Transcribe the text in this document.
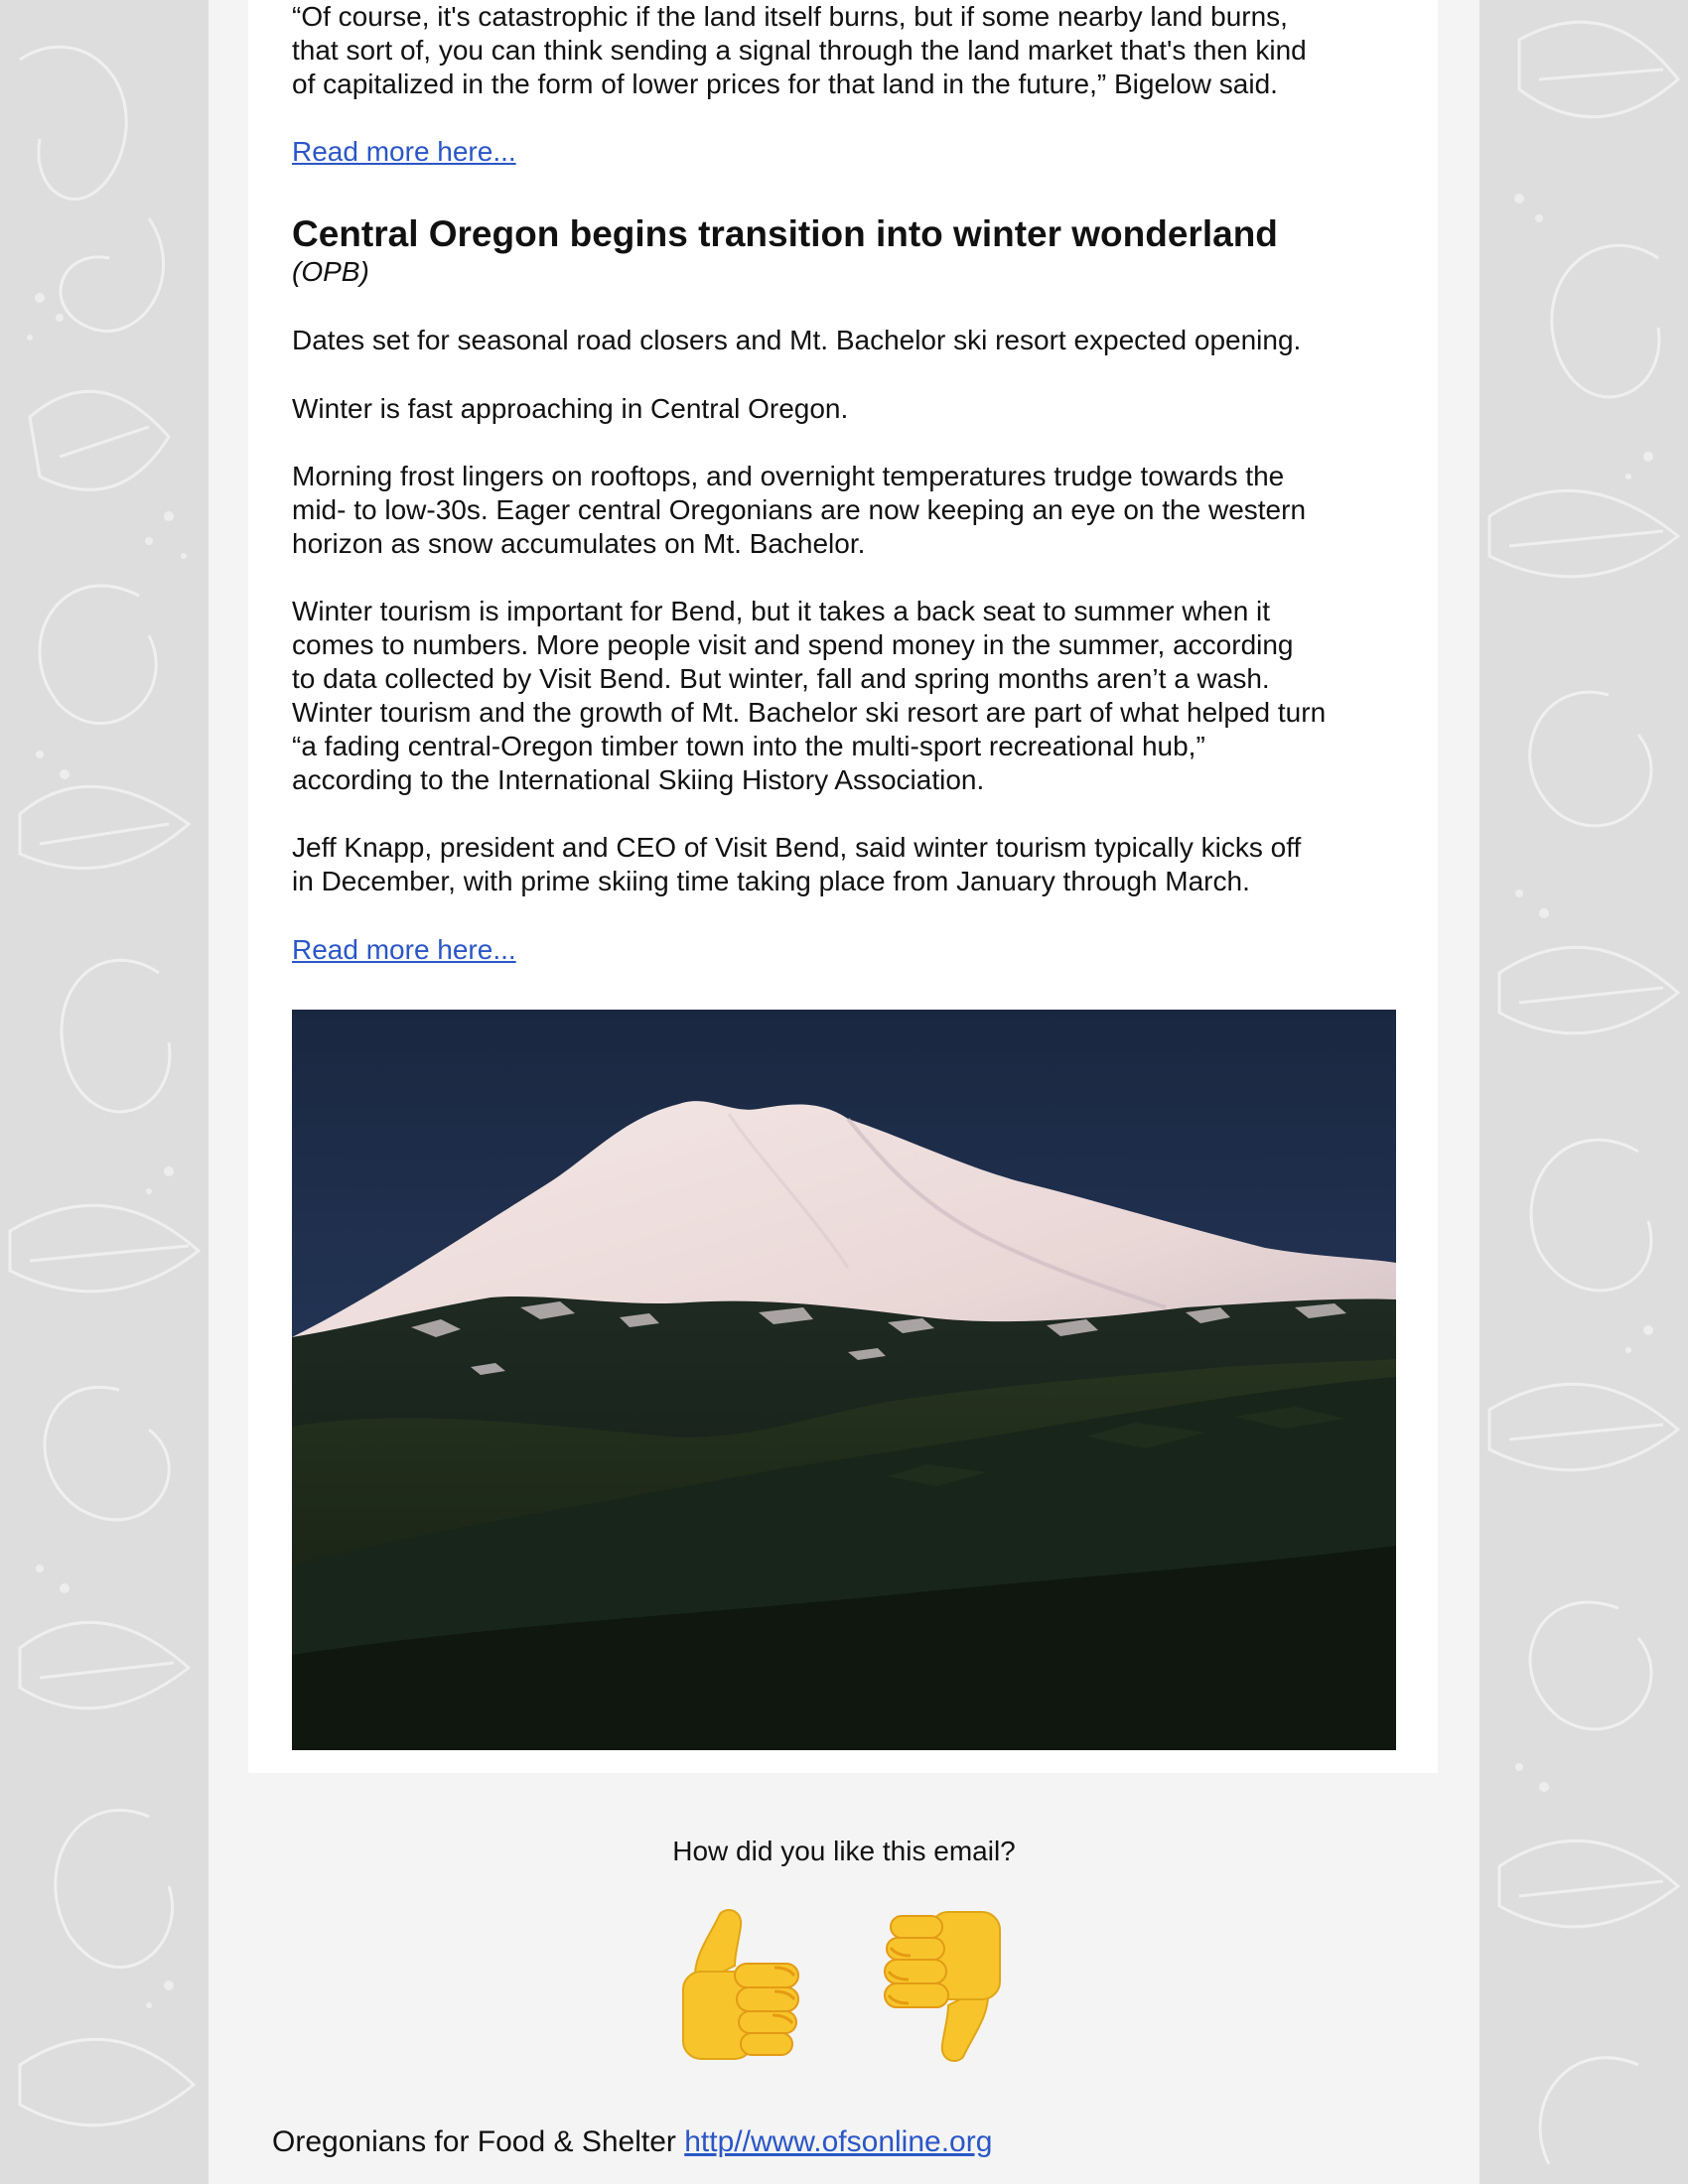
“Of course, it's catastrophic if the land itself burns, but if some nearby land burns,

that sort of, you can think sending a signal through the land market that's then kind

of capitalized in the form of lower prices for that land in the future,” Bigelow said.

Read more here...
Central Oregon begins transition into winter wonderland
(OPB)

Dates set for seasonal road closers and Mt. Bachelor ski resort expected opening.

Winter is fast approaching in Central Oregon.

Morning frost lingers on rooftops, and overnight temperatures trudge towards the

mid- to low-30s. Eager central Oregonians are now keeping an eye on the western

horizon as snow accumulates on Mt. Bachelor.

Winter tourism is important for Bend, but it takes a back seat to summer when it

comes to numbers. More people visit and spend money in the summer, according

to data collected by Visit Bend. But winter, fall and spring months aren’t a wash.

Winter tourism and the growth of Mt. Bachelor ski resort are part of what helped turn

“a fading central-Oregon timber town into the multi-sport recreational hub,”

according to the International Skiing History Association.

Jeff Knapp, president and CEO of Visit Bend, said winter tourism typically kicks off

in December, with prime skiing time taking place from January through March.

Read more here...
How did you like this email?
Oregonians for Food & Shelter http//www.ofsonline.org
